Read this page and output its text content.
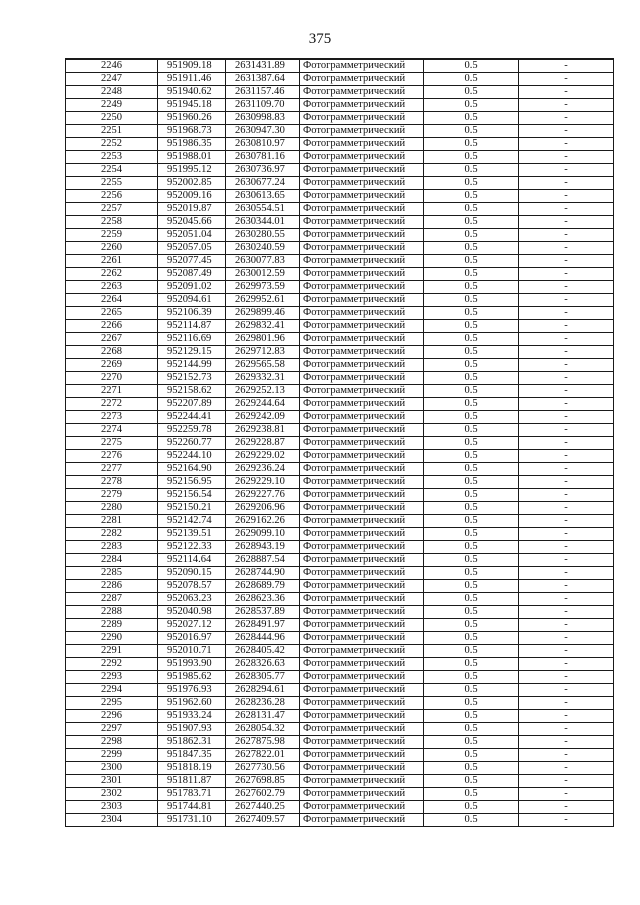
375
2246	951909.18	2631431.89	Фотограмметрический	0.5	-
2247	951911.46	2631387.64	Фотограмметрический	0.5	-
2248	951940.62	2631157.46	Фотограмметрический	0.5	-
2249	951945.18	2631109.70	Фотограмметрический	0.5	-
2250	951960.26	2630998.83	Фотограмметрический	0.5	-
2251	951968.73	2630947.30	Фотограмметрический	0.5	-
2252	951986.35	2630810.97	Фотограмметрический	0.5	-
2253	951988.01	2630781.16	Фотограмметрический	0.5	-
2254	951995.12	2630736.97	Фотограмметрический	0.5	-
2255	952002.85	2630677.24	Фотограмметрический	0.5	-
2256	952009.16	2630613.65	Фотограмметрический	0.5	-
2257	952019.87	2630554.51	Фотограмметрический	0.5	-
2258	952045.66	2630344.01	Фотограмметрический	0.5	-
2259	952051.04	2630280.55	Фотограмметрический	0.5	-
2260	952057.05	2630240.59	Фотограмметрический	0.5	-
2261	952077.45	2630077.83	Фотограмметрический	0.5	-
2262	952087.49	2630012.59	Фотограмметрический	0.5	-
2263	952091.02	2629973.59	Фотограмметрический	0.5	-
2264	952094.61	2629952.61	Фотограмметрический	0.5	-
2265	952106.39	2629899.46	Фотограмметрический	0.5	-
2266	952114.87	2629832.41	Фотограмметрический	0.5	-
2267	952116.69	2629801.96	Фотограмметрический	0.5	-
2268	952129.15	2629712.83	Фотограмметрический	0.5	-
2269	952144.99	2629565.58	Фотограмметрический	0.5	-
2270	952152.73	2629332.31	Фотограмметрический	0.5	-
2271	952158.62	2629252.13	Фотограмметрический	0.5	-
2272	952207.89	2629244.64	Фотограмметрический	0.5	-
2273	952244.41	2629242.09	Фотограмметрический	0.5	-
2274	952259.78	2629238.81	Фотограмметрический	0.5	-
2275	952260.77	2629228.87	Фотограмметрический	0.5	-
2276	952244.10	2629229.02	Фотограмметрический	0.5	-
2277	952164.90	2629236.24	Фотограмметрический	0.5	-
2278	952156.95	2629229.10	Фотограмметрический	0.5	-
2279	952156.54	2629227.76	Фотограмметрический	0.5	-
2280	952150.21	2629206.96	Фотограмметрический	0.5	-
2281	952142.74	2629162.26	Фотограмметрический	0.5	-
2282	952139.51	2629099.10	Фотограмметрический	0.5	-
2283	952122.33	2628943.19	Фотограмметрический	0.5	-
2284	952114.64	2628887.54	Фотограмметрический	0.5	-
2285	952090.15	2628744.90	Фотограмметрический	0.5	-
2286	952078.57	2628689.79	Фотограмметрический	0.5	-
2287	952063.23	2628623.36	Фотограмметрический	0.5	-
2288	952040.98	2628537.89	Фотограмметрический	0.5	-
2289	952027.12	2628491.97	Фотограмметрический	0.5	-
2290	952016.97	2628444.96	Фотограмметрический	0.5	-
2291	952010.71	2628405.42	Фотограмметрический	0.5	-
2292	951993.90	2628326.63	Фотограмметрический	0.5	-
2293	951985.62	2628305.77	Фотограмметрический	0.5	-
2294	951976.93	2628294.61	Фотограмметрический	0.5	-
2295	951962.60	2628236.28	Фотограмметрический	0.5	-
2296	951933.24	2628131.47	Фотограмметрический	0.5	-
2297	951907.93	2628054.32	Фотограмметрический	0.5	-
2298	951862.31	2627875.98	Фотограмметрический	0.5	-
2299	951847.35	2627822.01	Фотограмметрический	0.5	-
2300	951818.19	2627730.56	Фотограмметрический	0.5	-
2301	951811.87	2627698.85	Фотограмметрический	0.5	-
2302	951783.71	2627602.79	Фотограмметрический	0.5	-
2303	951744.81	2627440.25	Фотограмметрический	0.5	-
2304	951731.10	2627409.57	Фотограмметрический	0.5	-
